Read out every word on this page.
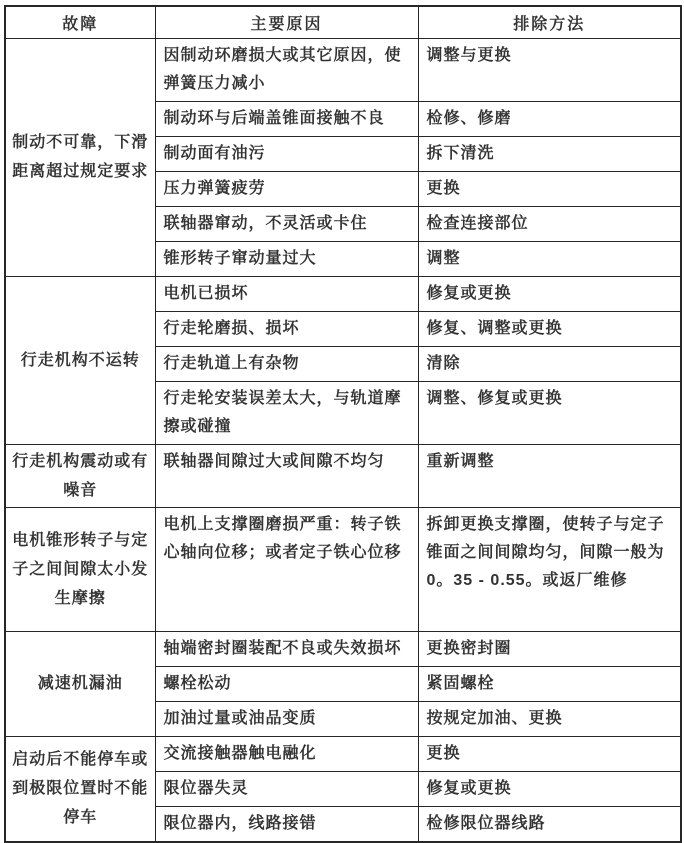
故障	主要原因	排除方法
制动不可靠，下滑距离超过规定要求	因制动环磨损大或其它原因，使弹簧压力减小	调整与更换
	制动环与后端盖锥面接触不良	检修、修磨
	制动面有油污	拆下清洗
	压力弹簧疲劳	更换
	联轴器窜动，不灵活或卡住	检查连接部位
	锥形转子窜动量过大	调整
行走机构不运转	电机已损坏	修复或更换
	行走轮磨损、损坏	修复、调整或更换
	行走轨道上有杂物	清除
	行走轮安装误差太大，与轨道摩擦或碰撞	调整、修复或更换
行走机构震动或有噪音	联轴器间隙过大或间隙不均匀	重新调整
电机锥形转子与定子之间间隙太小发生摩擦	电机上支撑圈磨损严重：转子铁心轴向位移；或者定子铁心位移	拆卸更换支撑圈，使转子与定子锥面之间间隙均匀，间隙一般为0。35 - 0.55。或返厂维修
减速机漏油	轴端密封圈装配不良或失效损坏	更换密封圈
	螺栓松动	紧固螺栓
	加油过量或油品变质	按规定加油、更换
启动后不能停车或到极限位置时不能停车	交流接触器触电融化	更换
	限位器失灵	修复或更换
	限位器内，线路接错	检修限位器线路
